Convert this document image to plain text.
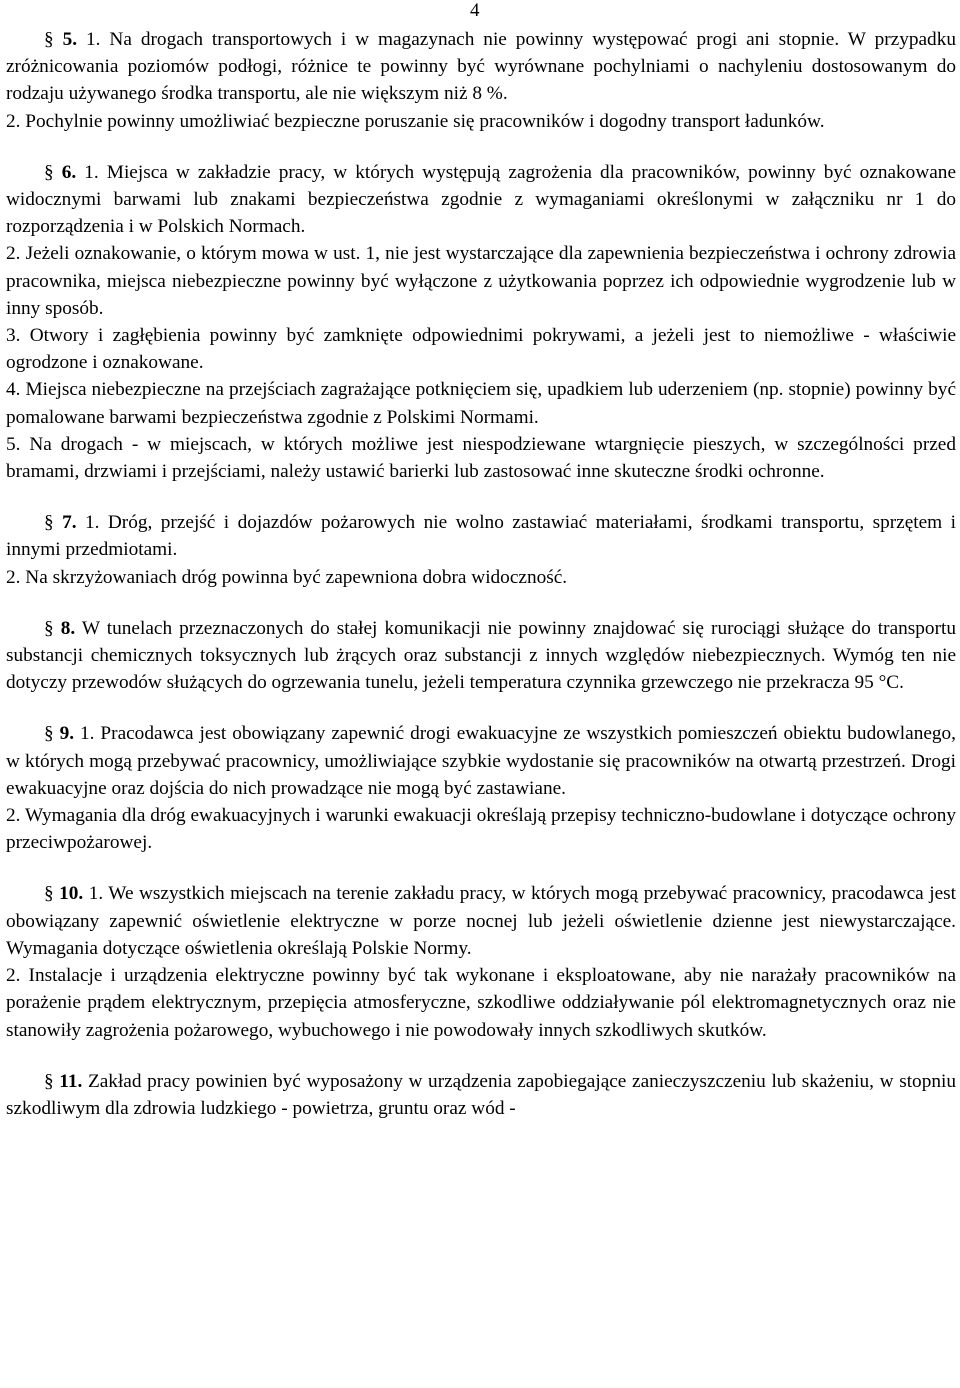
4

§ 5. 1. Na drogach transportowych i w magazynach nie powinny występować progi ani stopnie. W przypadku zróżnicowania poziomów podłogi, różnice te powinny być wyrównane pochylniami o nachyleniu dostosowanym do rodzaju używanego środka transportu, ale nie większym niż 8 %.

2. Pochylnie powinny umożliwiać bezpieczne poruszanie się pracowników i dogodny transport ładunków.

§ 6. 1. Miejsca w zakładzie pracy, w których występują zagrożenia dla pracowników, powinny być oznakowane widocznymi barwami lub znakami bezpieczeństwa zgodnie z wymaganiami określonymi w załączniku nr 1 do rozporządzenia i w Polskich Normach.

2. Jeżeli oznakowanie, o którym mowa w ust. 1, nie jest wystarczające dla zapewnienia bezpieczeństwa i ochrony zdrowia pracownika, miejsca niebezpieczne powinny być wyłączone z użytkowania poprzez ich odpowiednie wygrodzenie lub w inny sposób.

3. Otwory i zagłębienia powinny być zamknięte odpowiednimi pokrywami, a jeżeli jest to niemożliwe - właściwie ogrodzone i oznakowane.

4. Miejsca niebezpieczne na przejściach zagrażające potknięciem się, upadkiem lub uderzeniem (np. stopnie) powinny być pomalowane barwami bezpieczeństwa zgodnie z Polskimi Normami.

5. Na drogach - w miejscach, w których możliwe jest niespodziewane wtargnięcie pieszych, w szczególności przed bramami, drzwiami i przejściami, należy ustawić barierki lub zastosować inne skuteczne środki ochronne.

§ 7. 1. Dróg, przejść i dojazdów pożarowych nie wolno zastawiać materiałami, środkami transportu, sprzętem i innymi przedmiotami.

2. Na skrzyżowaniach dróg powinna być zapewniona dobra widoczność.

§ 8. W tunelach przeznaczonych do stałej komunikacji nie powinny znajdować się rurociągi służące do transportu substancji chemicznych toksycznych lub żrących oraz substancji z innych względów niebezpiecznych. Wymóg ten nie dotyczy przewodów służących do ogrzewania tunelu, jeżeli temperatura czynnika grzewczego nie przekracza 95 °C.

§ 9. 1. Pracodawca jest obowiązany zapewnić drogi ewakuacyjne ze wszystkich pomieszczeń obiektu budowlanego, w których mogą przebywać pracownicy, umożliwiające szybkie wydostanie się pracowników na otwartą przestrzeń. Drogi ewakuacyjne oraz dojścia do nich prowadzące nie mogą być zastawiane.

2. Wymagania dla dróg ewakuacyjnych i warunki ewakuacji określają przepisy techniczno-budowlane i dotyczące ochrony przeciwpożarowej.

§ 10. 1. We wszystkich miejscach na terenie zakładu pracy, w których mogą przebywać pracownicy, pracodawca jest obowiązany zapewnić oświetlenie elektryczne w porze nocnej lub jeżeli oświetlenie dzienne jest niewystarczające. Wymagania dotyczące oświetlenia określają Polskie Normy.

2. Instalacje i urządzenia elektryczne powinny być tak wykonane i eksploatowane, aby nie narażały pracowników na porażenie prądem elektrycznym, przepięcia atmosferyczne, szkodliwe oddziaływanie pól elektromagnetycznych oraz nie stanowiły zagrożenia pożarowego, wybuchowego i nie powodowały innych szkodliwych skutków.

§ 11. Zakład pracy powinien być wyposażony w urządzenia zapobiegające zanieczyszczeniu lub skażeniu, w stopniu szkodliwym dla zdrowia ludzkiego - powietrza, gruntu oraz wód -
